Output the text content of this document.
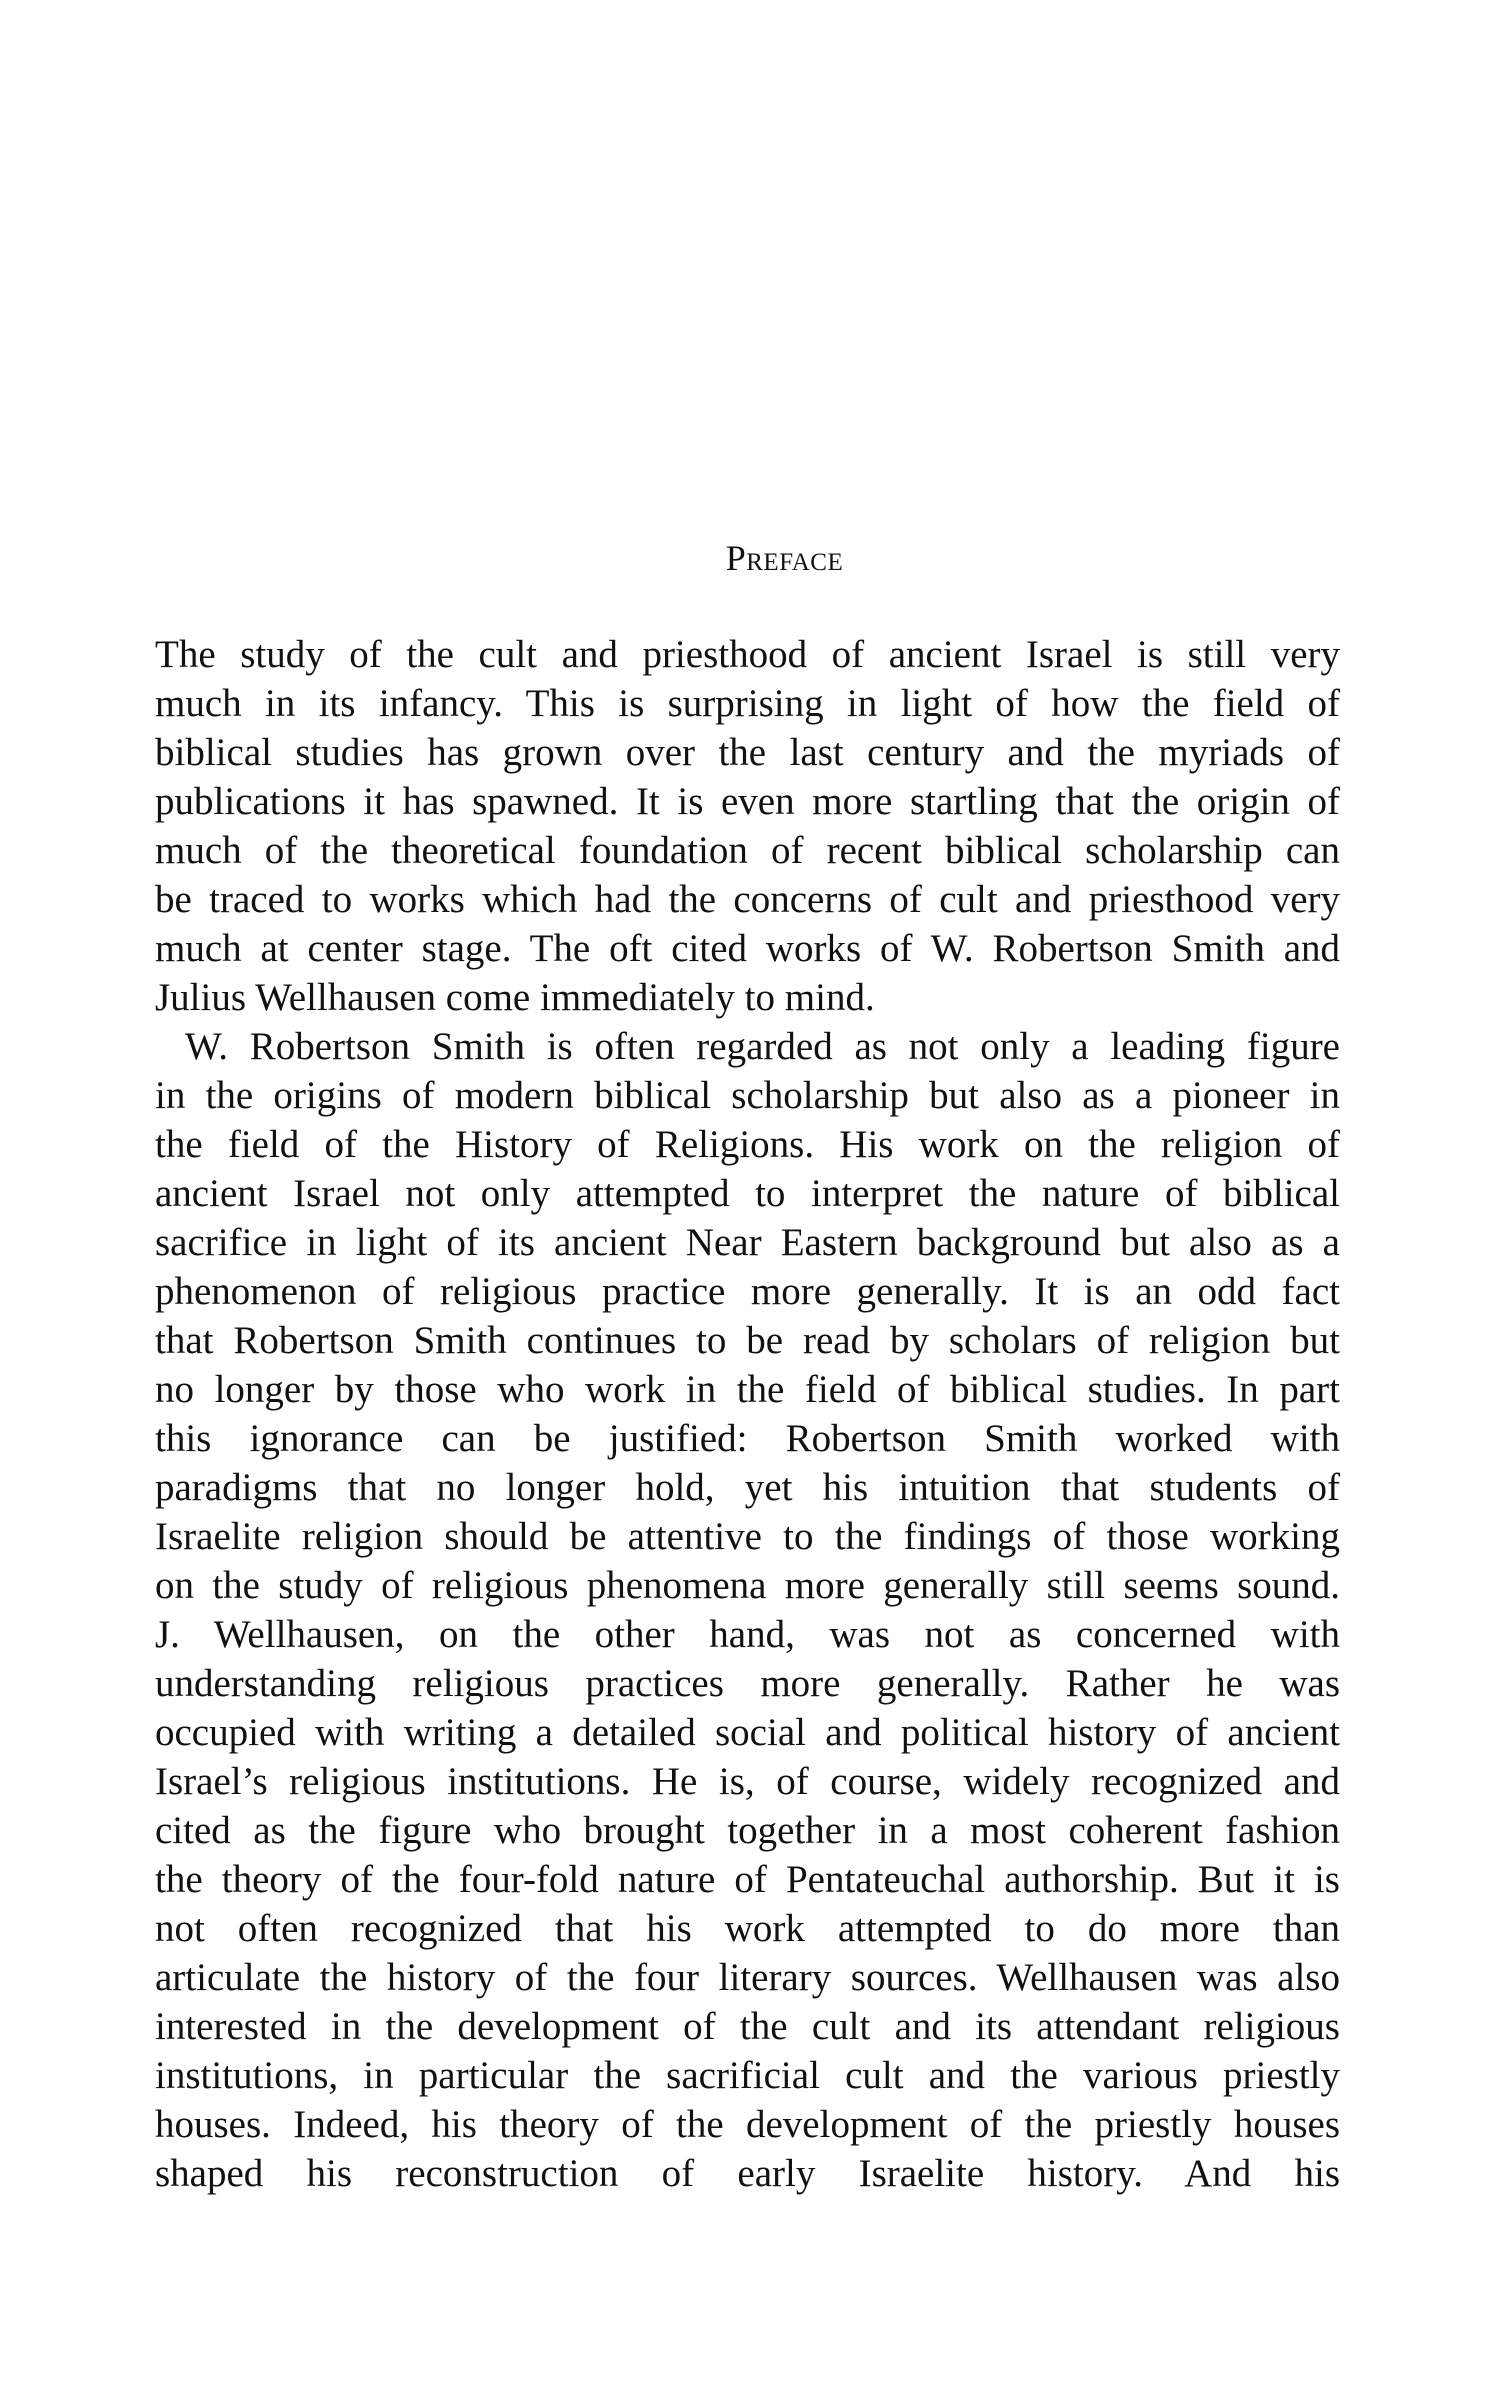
Preface
The study of the cult and priesthood of ancient Israel is still very
much in its infancy. This is surprising in light of how the field of
biblical studies has grown over the last century and the myriads of
publications it has spawned. It is even more startling that the origin of
much of the theoretical foundation of recent biblical scholarship can
be traced to works which had the concerns of cult and priesthood very
much at center stage. The oft cited works of W. Robertson Smith and
Julius Wellhausen come immediately to mind.
W. Robertson Smith is often regarded as not only a leading figure
in the origins of modern biblical scholarship but also as a pioneer in
the field of the History of Religions. His work on the religion of
ancient Israel not only attempted to interpret the nature of biblical
sacrifice in light of its ancient Near Eastern background but also as a
phenomenon of religious practice more generally. It is an odd fact
that Robertson Smith continues to be read by scholars of religion but
no longer by those who work in the field of biblical studies. In part
this ignorance can be justified: Robertson Smith worked with
paradigms that no longer hold, yet his intuition that students of
Israelite religion should be attentive to the findings of those working
on the study of religious phenomena more generally still seems sound.
J. Wellhausen, on the other hand, was not as concerned with
understanding religious practices more generally. Rather he was
occupied with writing a detailed social and political history of ancient
Israel’s religious institutions. He is, of course, widely recognized and
cited as the figure who brought together in a most coherent fashion
the theory of the four-fold nature of Pentateuchal authorship. But it is
not often recognized that his work attempted to do more than
articulate the history of the four literary sources. Wellhausen was also
interested in the development of the cult and its attendant religious
institutions, in particular the sacrificial cult and the various priestly
houses. Indeed, his theory of the development of the priestly houses
shaped his reconstruction of early Israelite history. And his
